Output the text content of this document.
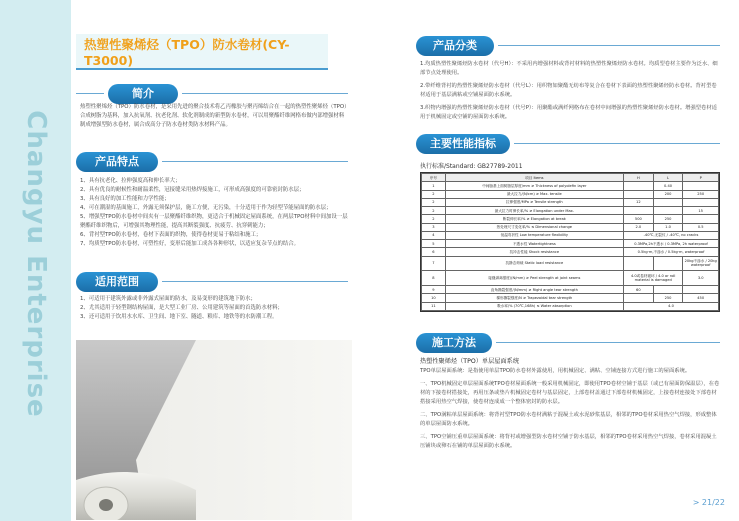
Changyu Enterprise
热塑性聚烯烃（TPO）防水卷材(CY-T3000)
简介

热塑性聚烯烃（TPO）防水卷材，是采用先进的聚合技术将乙丙橡胶与聚丙烯结合在一起的热塑性聚烯烃（TPO）合成树脂为基料，加入抗氧剂、抗老化剂、软化剂制成的新型防水卷材，可以用聚酯纤维网格布做内部增强材料制成增强型防水卷材，属合成高分子防水卷材类防水材料产品。

产品特点

1、具有抗老化、拉伸强度高和伸长率大；

2、具有优良的耐候性和耐温柔性，冠接缝采用热焊接施工，可形成高强度的可靠密封防水层；

3、具有良好的加工性能和力学性能；

4、可在潮湿的基面施工，外露无须保护层，施工方便，无污染，十分适用于作为轻型节能屋面的防水层；

5、增强型TPO防水卷材中间夹有一层聚酯纤维织物，更适合于机械固定屋面系统，在两层TPO材料中间加设一层聚酯纤维织物后，可增强其物理性能，提高其断裂强度、抗疲劳、抗穿刺能力；

6、背衬型TPO防水卷材，卷材下表面的织物，使得卷材更易于粘结和施工；

7、均质型TPO防水卷材，可塑性好，变形后能加工成各各种形状，以适应复杂节点的结合。

适用范围

1、可适用于建筑外露或非外露式屋面的防水，及易变形的建筑地下防水；

2、尤其适用于轻型钢结构屋面，是大型工业厂房、公用建筑等屋面的首选防水材料；

3、还可适用于饮用水水库、卫生间、地下室、隧道、粮库、地铁等的水防潮工程。

产品分类

1.均质热塑性聚烯烃防水卷材（代号H）：不采用内增强材料或背衬材料的热塑性聚烯烃防水卷材。均质型卷材主要作为泛水、细部节点处理使用。

2.带纤维背衬的热塑性聚烯烃防水卷材（代号L）：用织物如聚酯无纺布等复合在卷材下表面的热塑性聚烯烃防水卷材。背衬型卷材适用于基层满粘或空铺屋面防水系统。

3.织物内增强的热塑性聚烯烃防水卷材（代号P）：用聚酯或满纤网格布在卷材中间增强的热塑性聚烯烃防水卷材。增强型卷材适用于机械固定或空铺的屋面防水系统。

主要性能指标
执行标准/Standard: GB27789-2011
序号	项目 Items		H	L	P
1	中间胎基上面树脂层厚度/mm ≥ Thickness of polyolefin layer			0.40	
2	最大拉力/(N/cm) ≥ Max. tensile			200	250
2	拉伸强度/MPa ≥ Tensile strength		12		
2	最大拉力时伸长率/% ≥ Elongation under Max.				15
2	断裂伸长率/% ≥ Elongation at break		500	250	
3	热处理尺寸变化率/% ≤ Dimensional change		2.0	1.0	0.5
4	低温弯折性 Low temperature flexibility		-40℃,无裂纹 / -40℃, no cracks		
5	不透水性 Watertightness		0.3MPa,2h不透水 / 0.3MPa, 2h waterproof		
6	抗冲击性能 Shock resistance		0.5kg·m,不渗水 / 0.5kg·m, waterproof		
7	抗静态荷载 Static load resistance				20kg不渗水 / 20kg waterproof
8	接缝剥离强度/(N/mm) ≥ Peel strength at joint seams		4.0或卷材破坏 / 4.0 or roll material is damaged		3.0
9	直角撕裂强度/(N/mm) ≥ Right angle tear strength		60		
10	梯形撕裂强度/N ≥ Trapezoidal tear strength			250	450
11	吸水率/% (70℃,168h) ≤ Water absorption		4.0		
施工方法
热塑性聚烯烃（TPO）单层屋面系统

TPO单层屋面系统：是指使用单层TPO防水卷材外露使用，用机械固定、满粘、空铺连接方式进行施工的屋面系统。

一、TPO机械固定单层屋面系统TPO卷材屋面系统一般采用机械固定，即使用TPO卷材空铺于基层（或已有屋面防保温层），在卷材的下接卷材搭接处，再用压条或垫片机械固定卷材与基层固定，上部卷材盖通过下部卷材机械固定，上接卷材连接处下部卷材搭接采用热空气焊接，使卷材连成成一个整体密封的防水层。

二、TPO满粘单层屋面系统：将背衬型TPO防水卷材满粘于混凝土或水泥砂浆基层，相邻的TPO卷材采用热空气焊接，形成整体的单层屋面防水系统。

三、TPO空铺压重单层屋面系统：将背衬或增强型防水卷材空铺于防水基层，相邻的TPO卷材采用热空气焊接，卷材采用混凝土压铺块或卵石在铺的单层屋面防水系统。

> 21/22
